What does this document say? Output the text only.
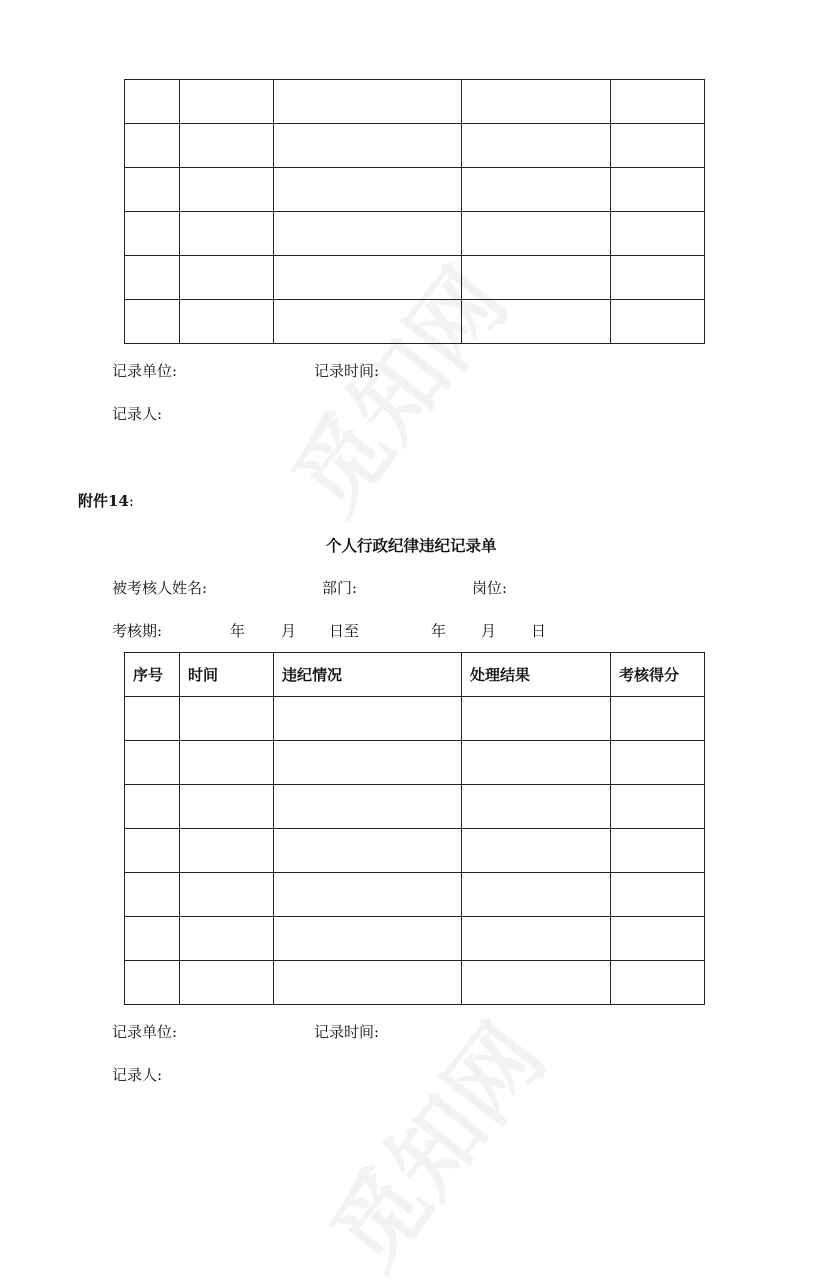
记录单位:	记录时间:
记录人:
附件14:
个人行政纪律违纪记录单
被考核人姓名:	部门:	岗位:
考核期:	年 月 日至	年 月 日
序号	时间	违纪情况	处理结果	考核得分

记录单位:	记录时间:
记录人:
